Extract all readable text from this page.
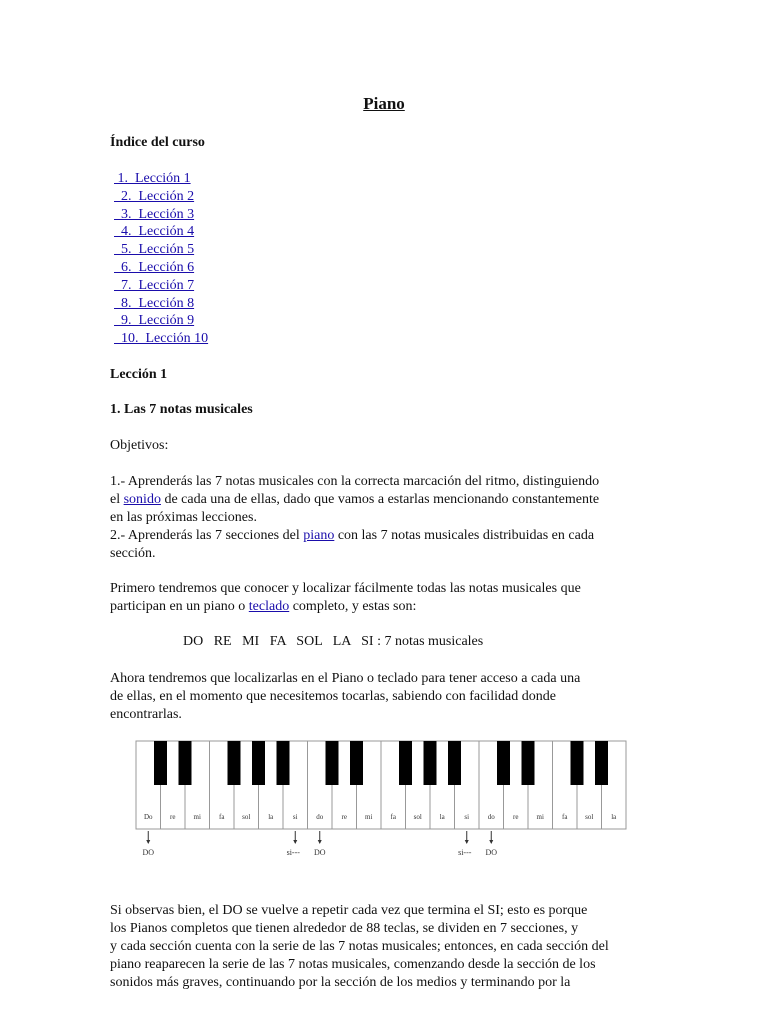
Piano
Índice del curso
1.  Lección 1
2.  Lección 2
3.  Lección 3
4.  Lección 4
5.  Lección 5
6.  Lección 6
7.  Lección 7
8.  Lección 8
9.  Lección 9
10.  Lección 10
Lección 1
1. Las 7 notas musicales
Objetivos:
1.- Aprenderás las 7 notas musicales con la correcta marcación del ritmo, distinguiendo
el sonido de cada una de ellas, dado que vamos a estarlas mencionando constantemente
en las próximas lecciones.
2.- Aprenderás las 7 secciones del piano con las 7 notas musicales distribuidas en cada
sección.
Primero tendremos que conocer y localizar fácilmente todas las notas musicales que
participan en un piano o teclado completo, y estas son:
DO   RE   MI   FA   SOL   LA   SI : 7 notas musicales
Ahora tendremos que localizarlas en el Piano o teclado para tener acceso a cada una
de ellas, en el momento que necesitemos tocarlas, sabiendo con facilidad donde
encontrarlas.
Do re	mi	fa	sol	la	si	do	re	mi	fa	sol	la	si	do	re	mi	fa	sol	la
DO	si--- DO	si--- DO
Si observas bien, el DO se vuelve a repetir cada vez que termina el SI; esto es porque
los Pianos completos que tienen alrededor de 88 teclas, se dividen en 7 secciones, y
y cada sección cuenta con la serie de las 7 notas musicales; entonces, en cada sección del
piano reaparecen la serie de las 7 notas musicales, comenzando desde la sección de los
sonidos más graves, continuando por la sección de los medios y terminando por la
